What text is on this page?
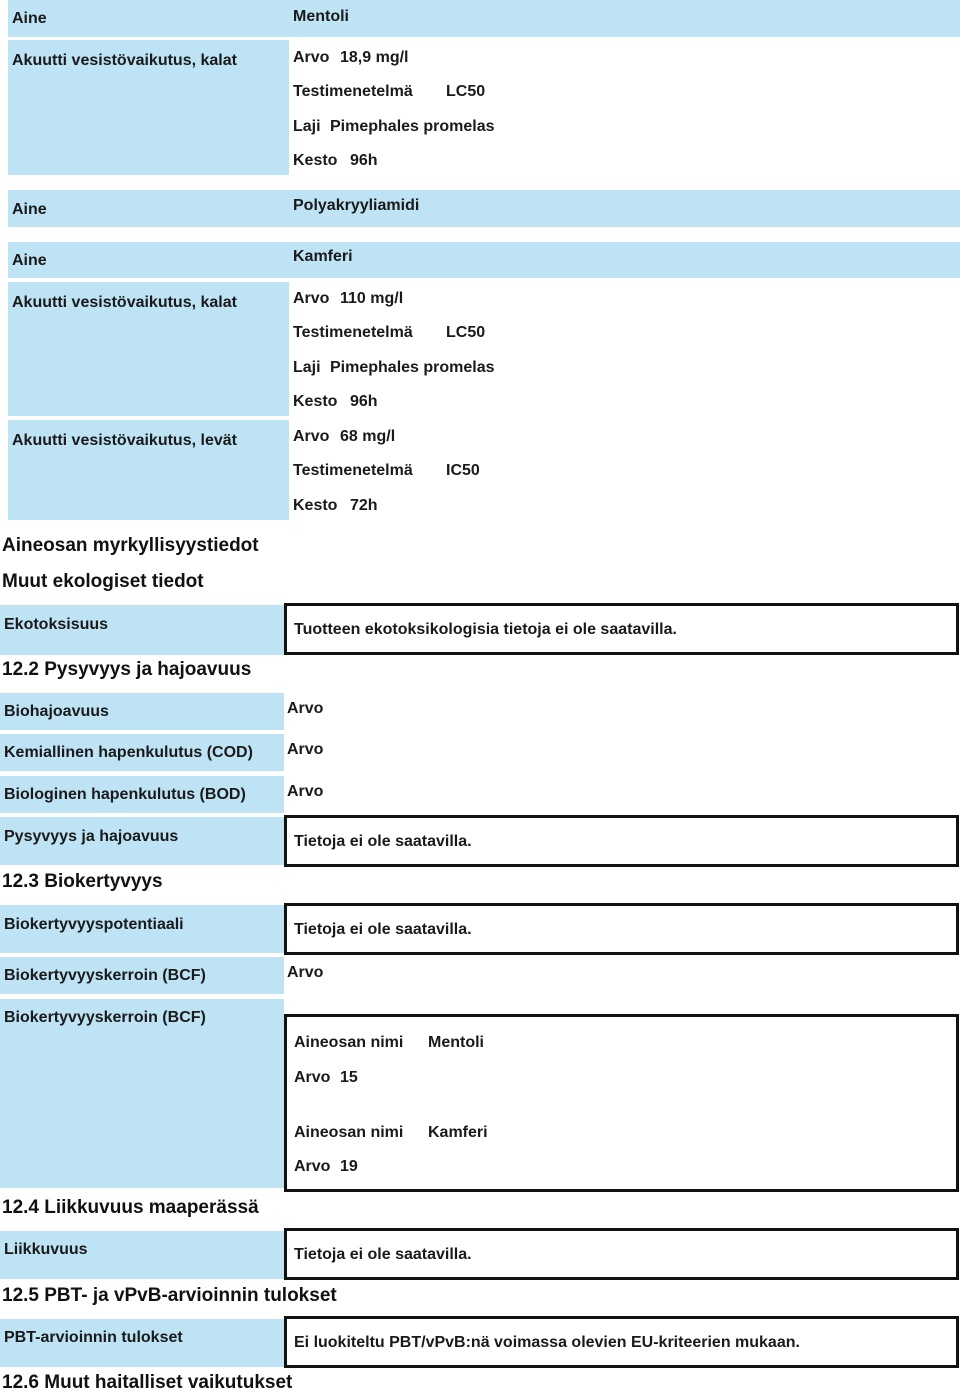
Aine	Mentoli
Akuutti vesistövaikutus, kalat	Arvo 18,9 mg/l
Testimenetelmä LC50
Laji Pimephales promelas
Kesto 96h
Aine	Polyakryyliamidi
Aine	Kamferi
Akuutti vesistövaikutus, kalat	Arvo 110 mg/l
Testimenetelmä LC50
Laji Pimephales promelas
Kesto 96h
Akuutti vesistövaikutus, levät	Arvo 68 mg/l
Testimenetelmä IC50
Kesto 72h
Aineosan myrkyllisyystiedot
Muut ekologiset tiedot
Ekotoksisuus	Tuotteen ekotoksikologisia tietoja ei ole saatavilla.
12.2 Pysyvyys ja hajoavuus
Biohajoavuus	Arvo
Kemiallinen hapenkulutus (COD) Arvo
Biologinen hapenkulutus (BOD)	Arvo
Pysyvyys ja hajoavuus	Tietoja ei ole saatavilla.
12.3 Biokertyvyys
Biokertyvyyspotentiaali	Tietoja ei ole saatavilla.
Biokertyvyyskerroin (BCF)	Arvo
Biokertyvyyskerroin (BCF)
Aineosan nimi Mentoli
Arvo 15
Aineosan nimi Kamferi
Arvo 19
12.4 Liikkuvuus maaperässä
Liikkuvuus	Tietoja ei ole saatavilla.
12.5 PBT- ja vPvB-arvioinnin tulokset
PBT-arvioinnin tulokset	Ei luokiteltu PBT/vPvB:nä voimassa olevien EU-kriteerien mukaan.
12.6 Muut haitalliset vaikutukset
